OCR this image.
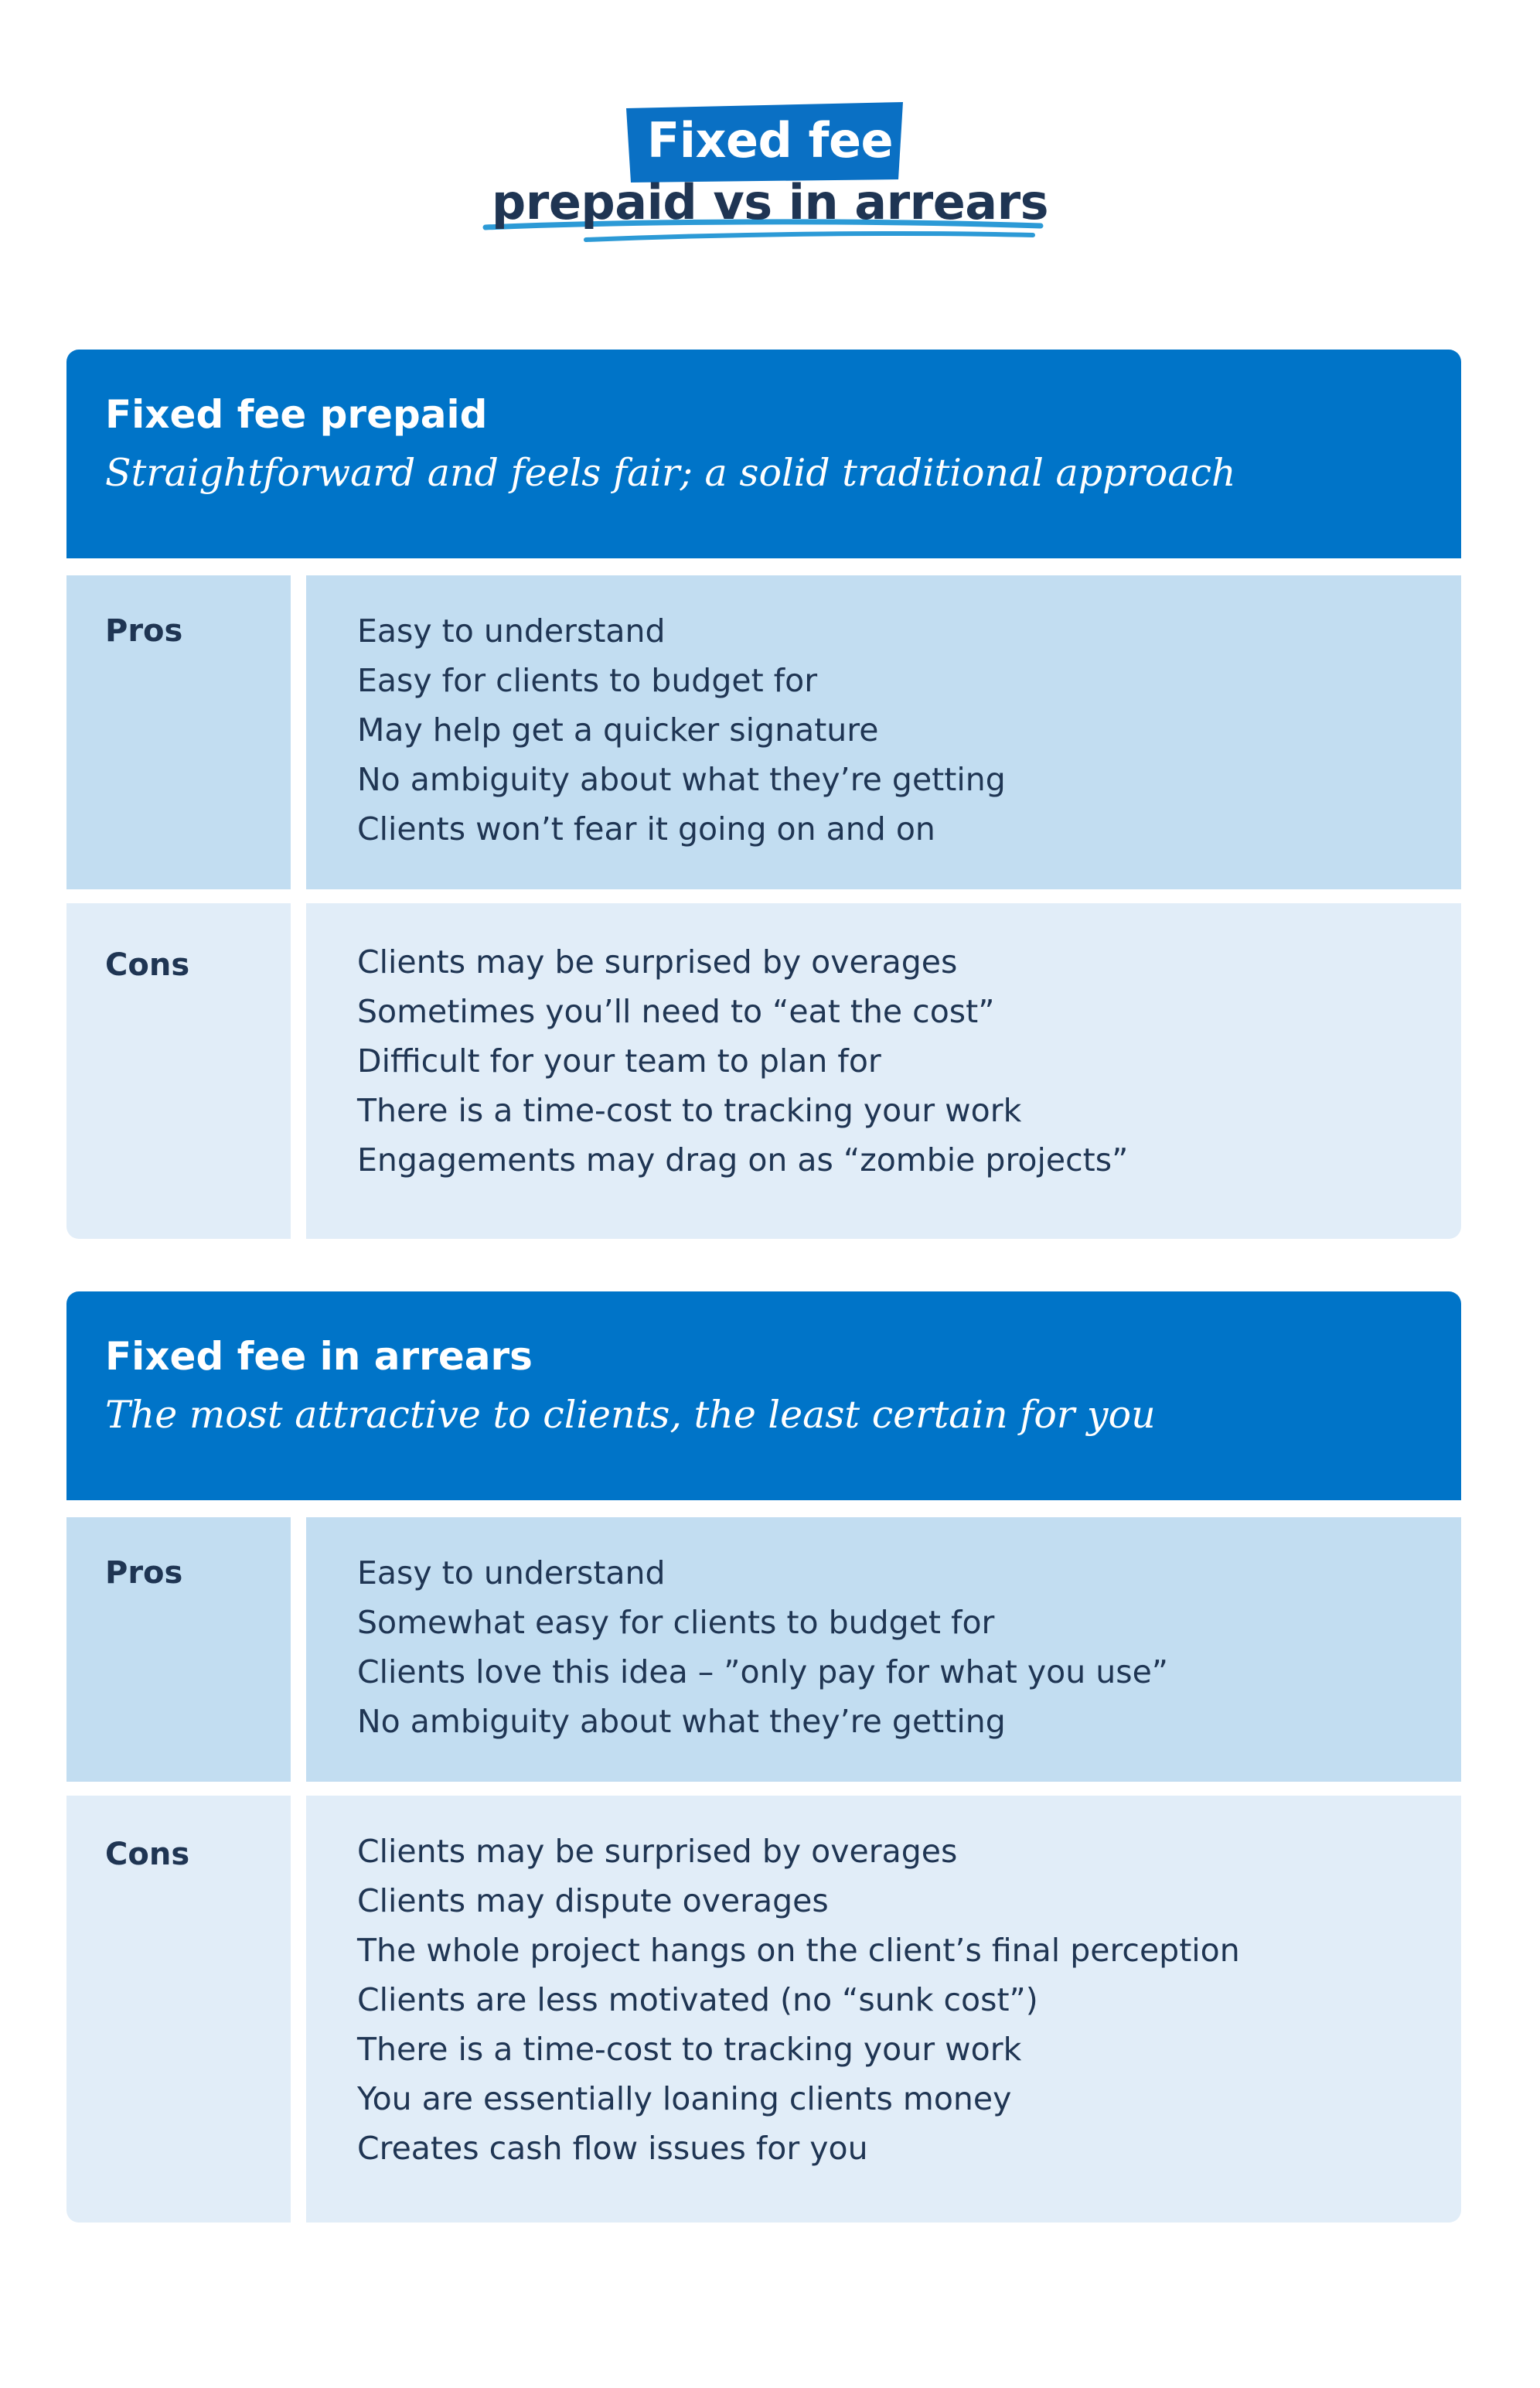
Fixed fee
prepaid vs in arrears
Fixed fee prepaid
Straightforward and feels fair; a solid traditional approach
Pros	Easy to understand
Easy for clients to budget for
May help get a quicker signature
No ambiguity about what they’re getting
Clients won’t fear it going on and on
Cons	Clients may be surprised by overages
Sometimes you’ll need to “eat the cost”
Difficult for your team to plan for
There is a time-cost to tracking your work
Engagements may drag on as “zombie projects”
Fixed fee in arrears
The most attractive to clients, the least certain for you
Pros	Easy to understand
Somewhat easy for clients to budget for
Clients love this idea – ”only pay for what you use”
No ambiguity about what they’re getting
Cons	Clients may be surprised by overages
Clients may dispute overages
The whole project hangs on the client’s final perception
Clients are less motivated (no “sunk cost”)
There is a time-cost to tracking your work
You are essentially loaning clients money
Creates cash flow issues for you
